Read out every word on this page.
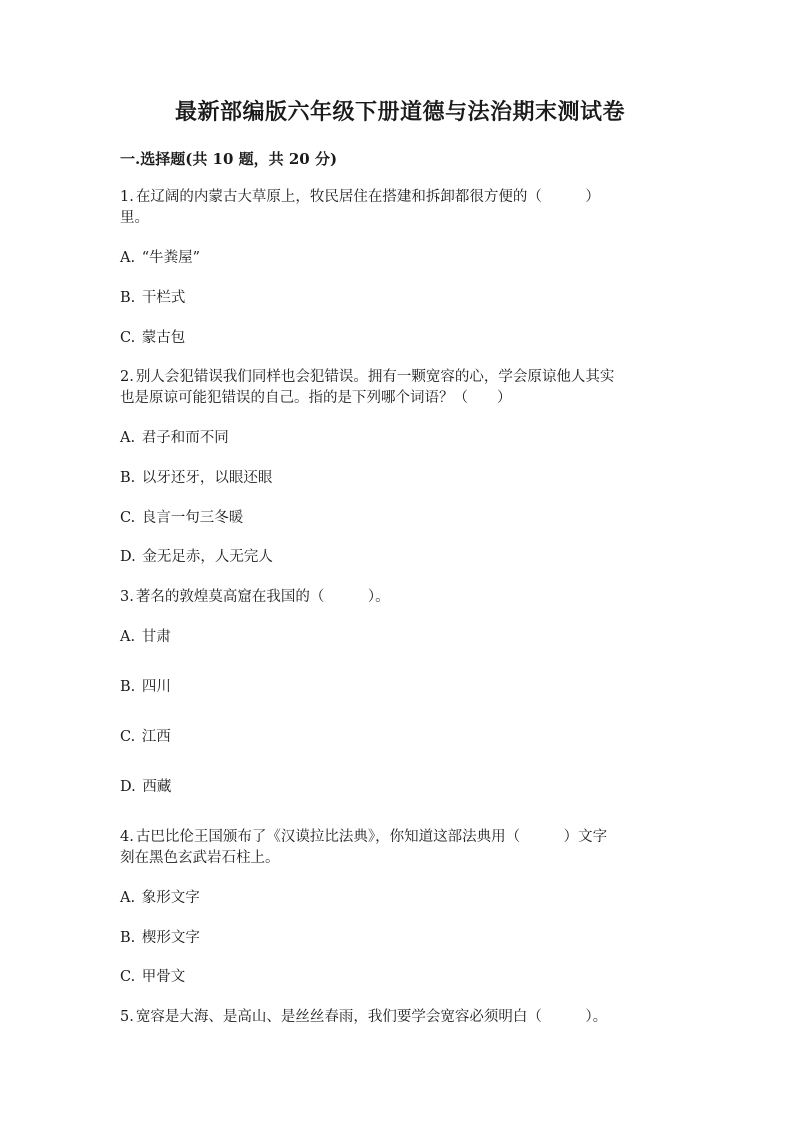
最新部编版六年级下册道德与法治期末测试卷
一.选择题(共 10 题，共 20 分)
1. 在辽阔的内蒙古大草原上，牧民居住在搭建和拆卸都很方便的（　　　）
里。
A. “牛粪屋”
B. 干栏式
C. 蒙古包
2. 别人会犯错误我们同样也会犯错误。拥有一颗宽容的心，学会原谅他人其实
也是原谅可能犯错误的自己。指的是下列哪个词语？（　　）
A. 君子和而不同
B. 以牙还牙，以眼还眼
C. 良言一句三冬暖
D. 金无足赤，人无完人
3. 著名的敦煌莫高窟在我国的（　　　）。
A. 甘肃
B. 四川
C. 江西
D. 西藏
4. 古巴比伦王国颁布了《汉谟拉比法典》，你知道这部法典用（　　　）文字
刻在黑色玄武岩石柱上。
A. 象形文字
B. 楔形文字
C. 甲骨文
5. 宽容是大海、是高山、是丝丝春雨，我们要学会宽容必须明白（　　　）。
